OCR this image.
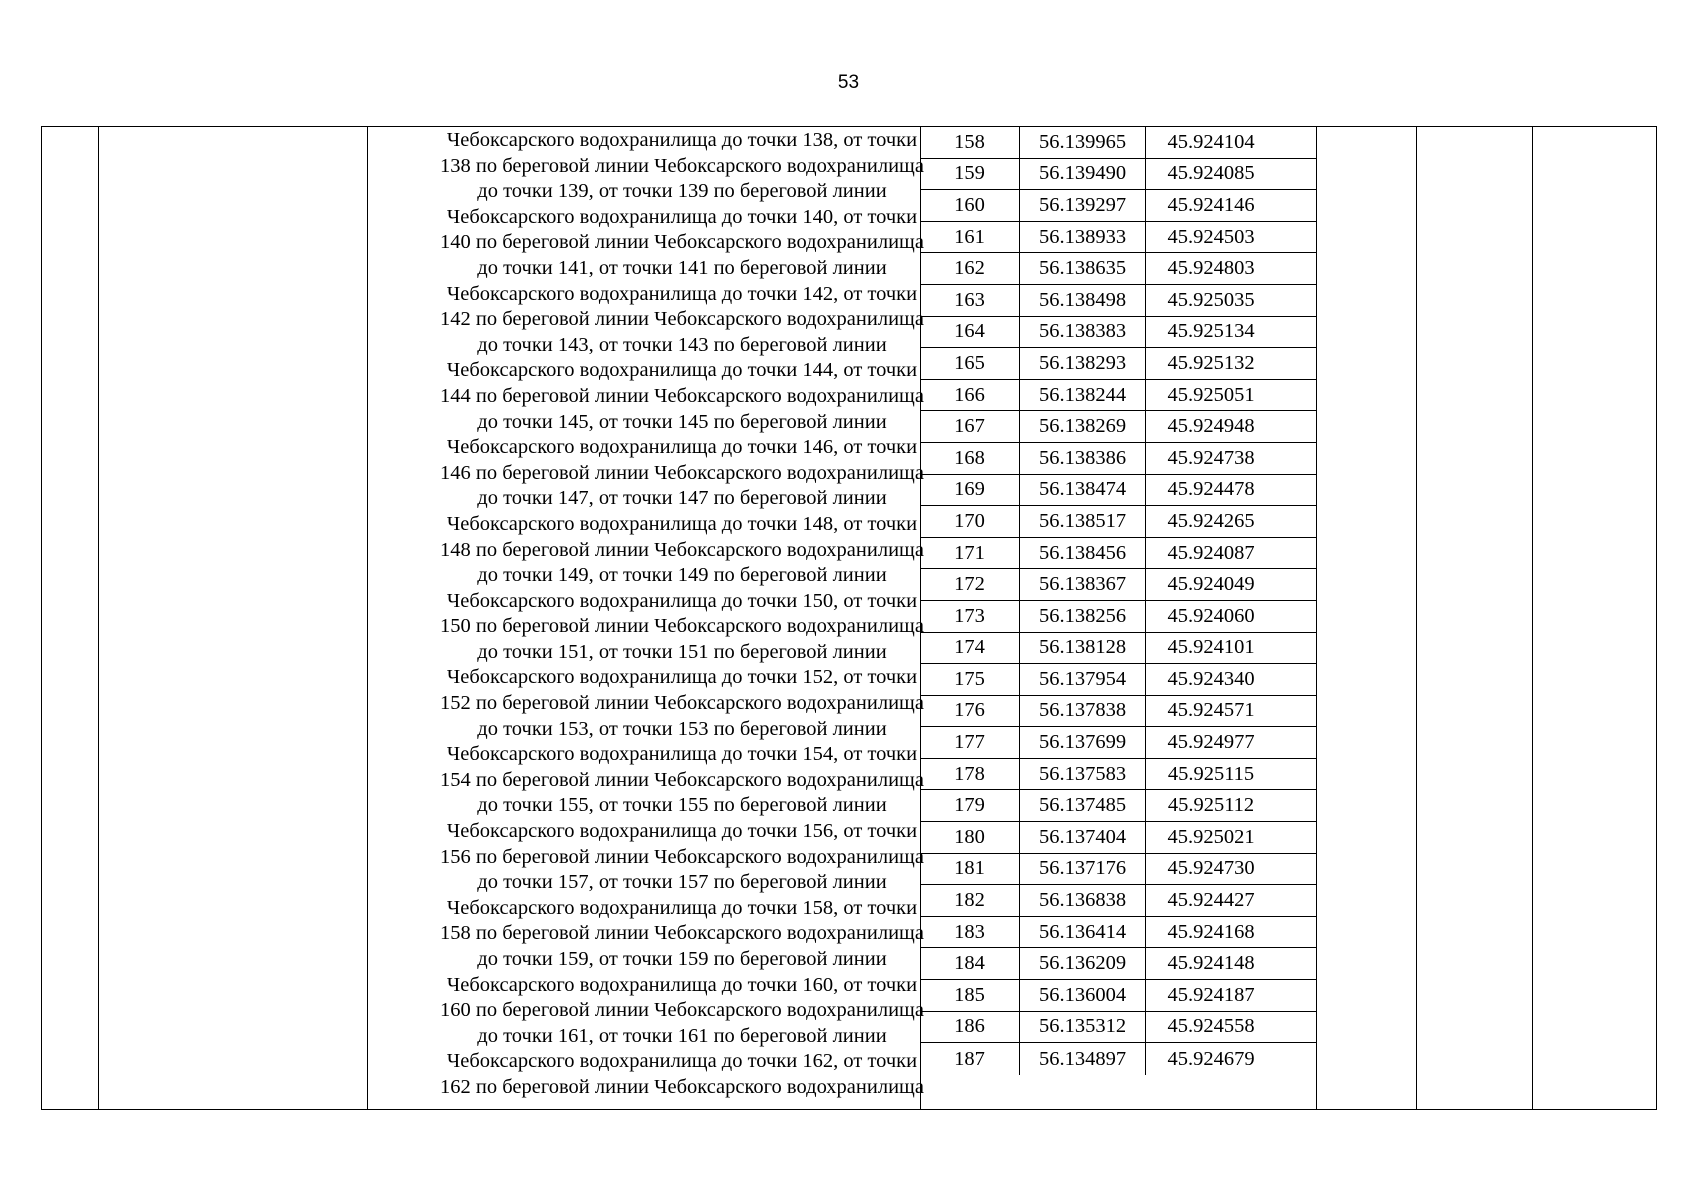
53
Чебоксарского водохранилища до точки 138, от точки
138 по береговой линии Чебоксарского водохранилища
до точки 139, от точки 139 по береговой линии
Чебоксарского водохранилища до точки 140, от точки
140 по береговой линии Чебоксарского водохранилища
до точки 141, от точки 141 по береговой линии
Чебоксарского водохранилища до точки 142, от точки
142 по береговой линии Чебоксарского водохранилища
до точки 143, от точки 143 по береговой линии
Чебоксарского водохранилища до точки 144, от точки
144 по береговой линии Чебоксарского водохранилища
до точки 145, от точки 145 по береговой линии
Чебоксарского водохранилища до точки 146, от точки
146 по береговой линии Чебоксарского водохранилища
до точки 147, от точки 147 по береговой линии
Чебоксарского водохранилища до точки 148, от точки
148 по береговой линии Чебоксарского водохранилища
до точки 149, от точки 149 по береговой линии
Чебоксарского водохранилища до точки 150, от точки
150 по береговой линии Чебоксарского водохранилища
до точки 151, от точки 151 по береговой линии
Чебоксарского водохранилища до точки 152, от точки
152 по береговой линии Чебоксарского водохранилища
до точки 153, от точки 153 по береговой линии
Чебоксарского водохранилища до точки 154, от точки
154 по береговой линии Чебоксарского водохранилища
до точки 155, от точки 155 по береговой линии
Чебоксарского водохранилища до точки 156, от точки
156 по береговой линии Чебоксарского водохранилища
до точки 157, от точки 157 по береговой линии
Чебоксарского водохранилища до точки 158, от точки
158 по береговой линии Чебоксарского водохранилища
до точки 159, от точки 159 по береговой линии
Чебоксарского водохранилища до точки 160, от точки
160 по береговой линии Чебоксарского водохранилища
до точки 161, от точки 161 по береговой линии
Чебоксарского водохранилища до точки 162, от точки
162 по береговой линии Чебоксарского водохранилища
158	56.139965	45.924104
159	56.139490	45.924085
160	56.139297	45.924146
161	56.138933	45.924503
162	56.138635	45.924803
163	56.138498	45.925035
164	56.138383	45.925134
165	56.138293	45.925132
166	56.138244	45.925051
167	56.138269	45.924948
168	56.138386	45.924738
169	56.138474	45.924478
170	56.138517	45.924265
171	56.138456	45.924087
172	56.138367	45.924049
173	56.138256	45.924060
174	56.138128	45.924101
175	56.137954	45.924340
176	56.137838	45.924571
177	56.137699	45.924977
178	56.137583	45.925115
179	56.137485	45.925112
180	56.137404	45.925021
181	56.137176	45.924730
182	56.136838	45.924427
183	56.136414	45.924168
184	56.136209	45.924148
185	56.136004	45.924187
186	56.135312	45.924558
187	56.134897	45.924679
